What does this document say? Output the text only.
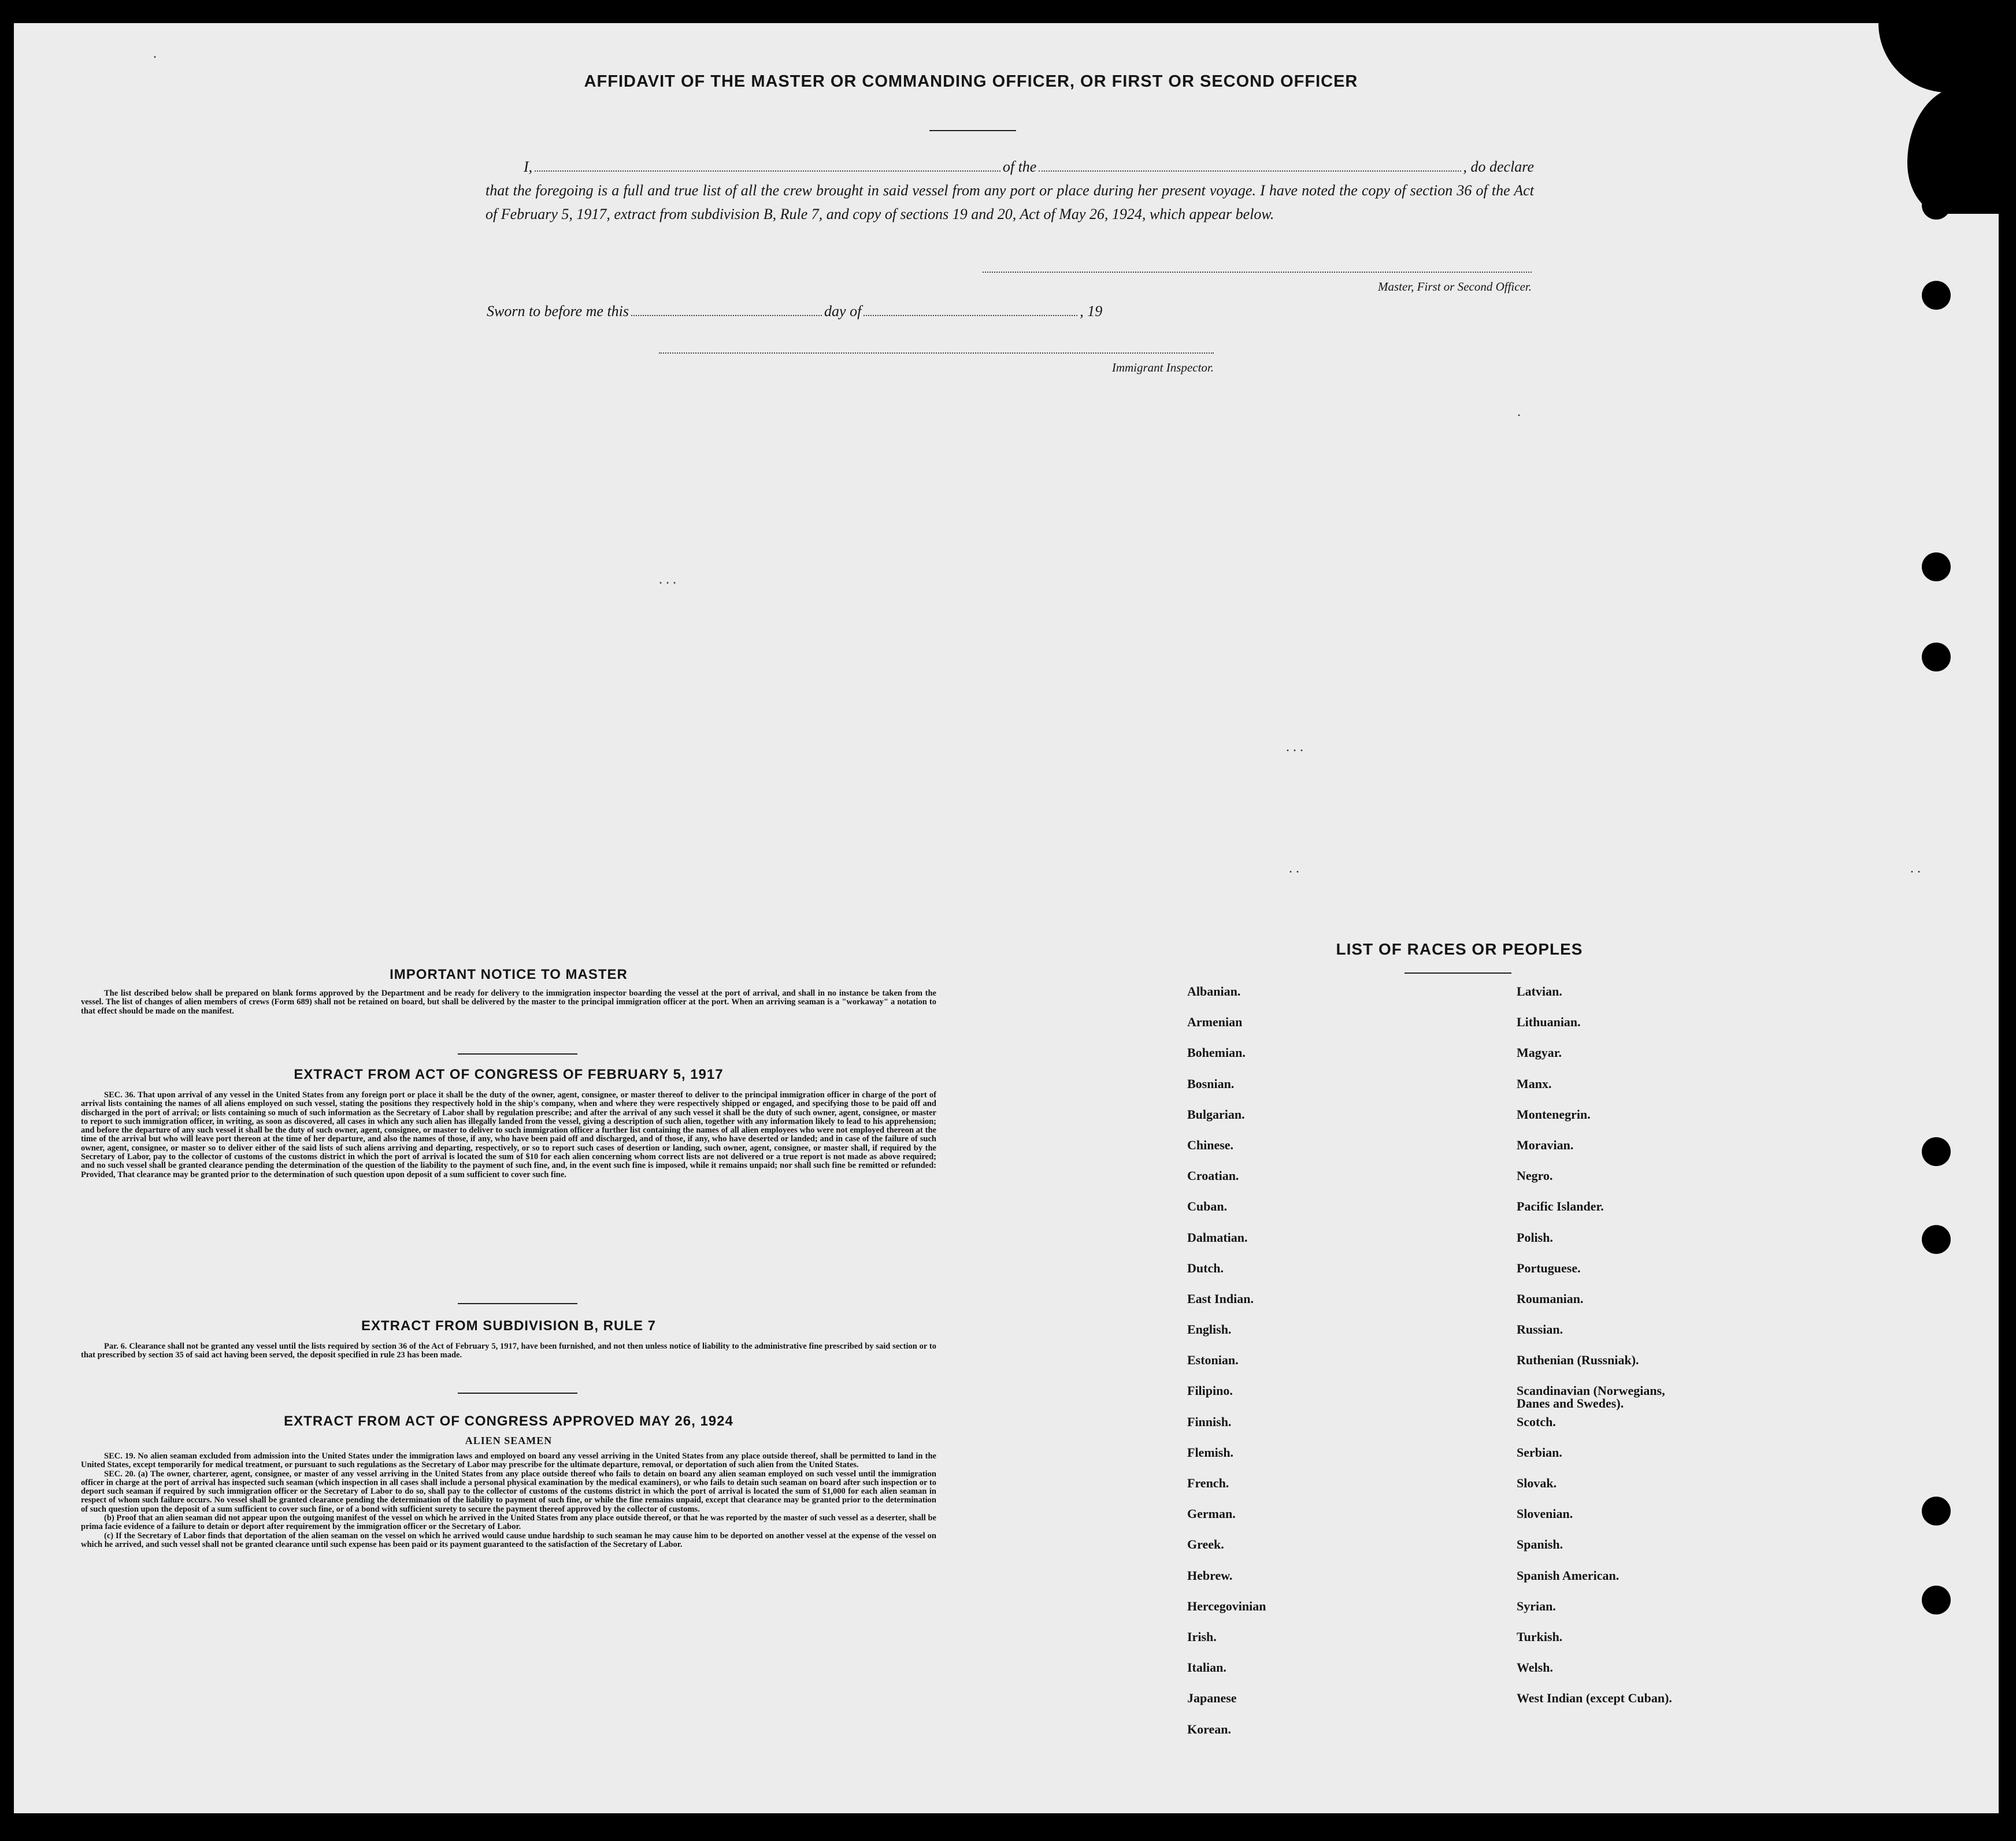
AFFIDAVIT OF THE MASTER OR COMMANDING OFFICER, OR FIRST OR SECOND OFFICER
I,	of the	, do declare
that the foregoing is a full and true list of all the crew brought in said vessel from any port or place during her present voyage. I have noted the copy of section 36 of the Act of February 5, 1917, extract from subdivision B, Rule 7, and copy of sections 19 and 20, Act of May 26, 1924, which appear below.
Master, First or Second Officer.
Sworn to before me this	day of	, 19
Immigrant Inspector.
IMPORTANT NOTICE TO MASTER

The list described below shall be prepared on blank forms approved by the Department and be ready for delivery to the immigration inspector boarding the vessel at the port of arrival, and shall in no instance be taken from the vessel. The list of changes of alien members of crews (Form 689) shall not be retained on board, but shall be delivered by the master to the principal immigration officer at the port. When an arriving seaman is a "workaway" a notation to that effect should be made on the manifest.

EXTRACT FROM ACT OF CONGRESS OF FEBRUARY 5, 1917

SEC. 36. That upon arrival of any vessel in the United States from any foreign port or place it shall be the duty of the owner, agent, consignee, or master thereof to deliver to the principal immigration officer in charge of the port of arrival lists containing the names of all aliens employed on such vessel, stating the positions they respectively hold in the ship's company, when and where they were respectively shipped or engaged, and specifying those to be paid off and discharged in the port of arrival; or lists containing so much of such information as the Secretary of Labor shall by regulation prescribe; and after the arrival of any such vessel it shall be the duty of such owner, agent, consignee, or master to report to such immigration officer, in writing, as soon as discovered, all cases in which any such alien has illegally landed from the vessel, giving a description of such alien, together with any information likely to lead to his apprehension; and before the departure of any such vessel it shall be the duty of such owner, agent, consignee, or master to deliver to such immigration officer a further list containing the names of all alien employees who were not employed thereon at the time of the arrival but who will leave port thereon at the time of her departure, and also the names of those, if any, who have been paid off and discharged, and of those, if any, who have deserted or landed; and in case of the failure of such owner, agent, consignee, or master so to deliver either of the said lists of such aliens arriving and departing, respectively, or so to report such cases of desertion or landing, such owner, agent, consignee, or master shall, if required by the Secretary of Labor, pay to the collector of customs of the customs district in which the port of arrival is located the sum of $10 for each alien concerning whom correct lists are not delivered or a true report is not made as above required; and no such vessel shall be granted clearance pending the determination of the question of the liability to the payment of such fine, and, in the event such fine is imposed, while it remains unpaid; nor shall such fine be remitted or refunded: Provided, That clearance may be granted prior to the determination of such question upon deposit of a sum sufficient to cover such fine.

EXTRACT FROM SUBDIVISION B, RULE 7

Par. 6. Clearance shall not be granted any vessel until the lists required by section 36 of the Act of February 5, 1917, have been furnished, and not then unless notice of liability to the administrative fine prescribed by said section or to that prescribed by section 35 of said act having been served, the deposit specified in rule 23 has been made.

EXTRACT FROM ACT OF CONGRESS APPROVED MAY 26, 1924
ALIEN SEAMEN
SEC. 19. No alien seaman excluded from admission into the United States under the immigration laws and employed on board any vessel arriving in the United States from any place outside thereof, shall be permitted to land in the United States, except temporarily for medical treatment, or pursuant to such regulations as the Secretary of Labor may prescribe for the ultimate departure, removal, or deportation of such alien from the United States.
SEC. 20. (a) The owner, charterer, agent, consignee, or master of any vessel arriving in the United States from any place outside thereof who fails to detain on board any alien seaman employed on such vessel until the immigration officer in charge at the port of arrival has inspected such seaman (which inspection in all cases shall include a personal physical examination by the medical examiners), or who fails to detain such seaman on board after such inspection or to deport such seaman if required by such immigration officer or the Secretary of Labor to do so, shall pay to the collector of customs of the customs district in which the port of arrival is located the sum of $1,000 for each alien seaman in respect of whom such failure occurs. No vessel shall be granted clearance pending the determination of the liability to payment of such fine, or while the fine remains unpaid, except that clearance may be granted prior to the determination of such question upon the deposit of a sum sufficient to cover such fine, or of a bond with sufficient surety to secure the payment thereof approved by the collector of customs.
(b) Proof that an alien seaman did not appear upon the outgoing manifest of the vessel on which he arrived in the United States from any place outside thereof, or that he was reported by the master of such vessel as a deserter, shall be prima facie evidence of a failure to detain or deport after requirement by the immigration officer or the Secretary of Labor.
(c) If the Secretary of Labor finds that deportation of the alien seaman on the vessel on which he arrived would cause undue hardship to such seaman he may cause him to be deported on another vessel at the expense of the vessel on which he arrived, and such vessel shall not be granted clearance until such expense has been paid or its payment guaranteed to the satisfaction of the Secretary of Labor.
LIST OF RACES OR PEOPLES
Albanian.
Armenian
Bohemian.
Bosnian.
Bulgarian.
Chinese.
Croatian.
Cuban.
Dalmatian.
Dutch.
East Indian.
English.
Estonian.
Filipino.
Finnish.
Flemish.
French.
German.
Greek.
Hebrew.
Hercegovinian
Irish.
Italian.
Japanese
Korean.
Latvian.
Lithuanian.
Magyar.
Manx.
Montenegrin.
Moravian.
Negro.
Pacific Islander.
Polish.
Portuguese.
Roumanian.
Russian.
Ruthenian (Russniak).
Scandinavian (Norwegians,
Danes and Swedes).
Scotch.
Serbian.
Slovak.
Slovenian.
Spanish.
Spanish American.
Syrian.
Turkish.
Welsh.
West Indian (except Cuban).
.
.
. . .
. . .
. .	. .
